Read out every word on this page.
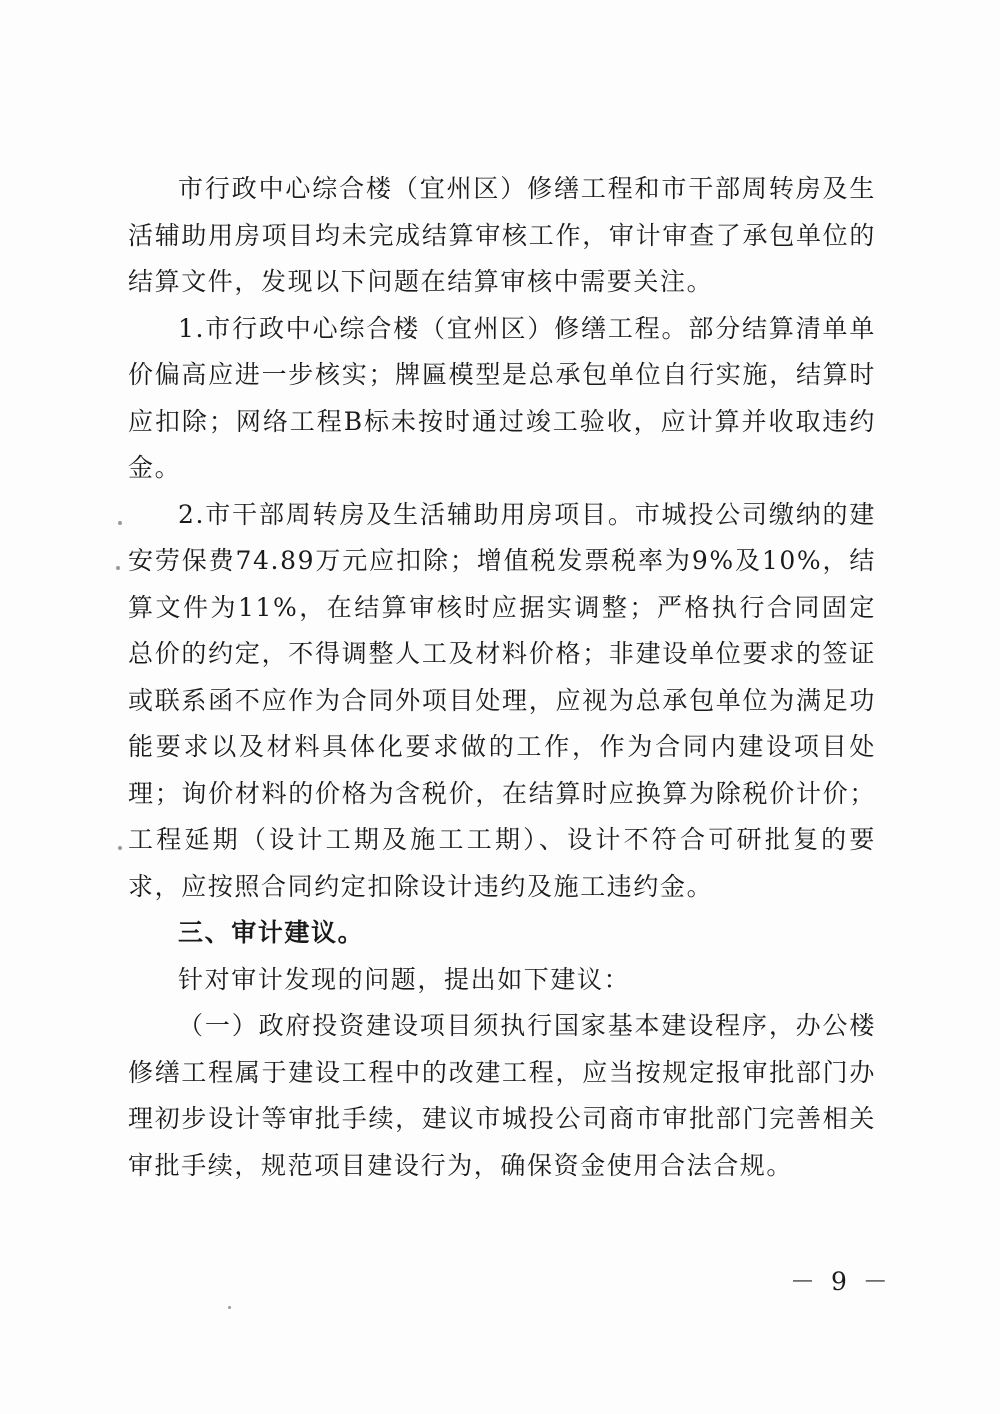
市行政中心综合楼（宜州区）修缮工程和市干部周转房及生活辅助用房项目均未完成结算审核工作，审计审查了承包单位的结算文件，发现以下问题在结算审核中需要关注。

1.市行政中心综合楼（宜州区）修缮工程。部分结算清单单价偏高应进一步核实；牌匾模型是总承包单位自行实施，结算时应扣除；网络工程B标未按时通过竣工验收，应计算并收取违约金。

2.市干部周转房及生活辅助用房项目。市城投公司缴纳的建安劳保费74.89万元应扣除；增值税发票税率为9%及10%，结算文件为11%，在结算审核时应据实调整；严格执行合同固定总价的约定，不得调整人工及材料价格；非建设单位要求的签证或联系函不应作为合同外项目处理，应视为总承包单位为满足功能要求以及材料具体化要求做的工作，作为合同内建设项目处理；询价材料的价格为含税价，在结算时应换算为除税价计价；工程延期（设计工期及施工工期）、设计不符合可研批复的要求，应按照合同约定扣除设计违约及施工违约金。

三、审计建议。

针对审计发现的问题，提出如下建议：

（一）政府投资建设项目须执行国家基本建设程序，办公楼修缮工程属于建设工程中的改建工程，应当按规定报审批部门办理初步设计等审批手续，建议市城投公司商市审批部门完善相关审批手续，规范项目建设行为，确保资金使用合法合规。

－ 9 －
